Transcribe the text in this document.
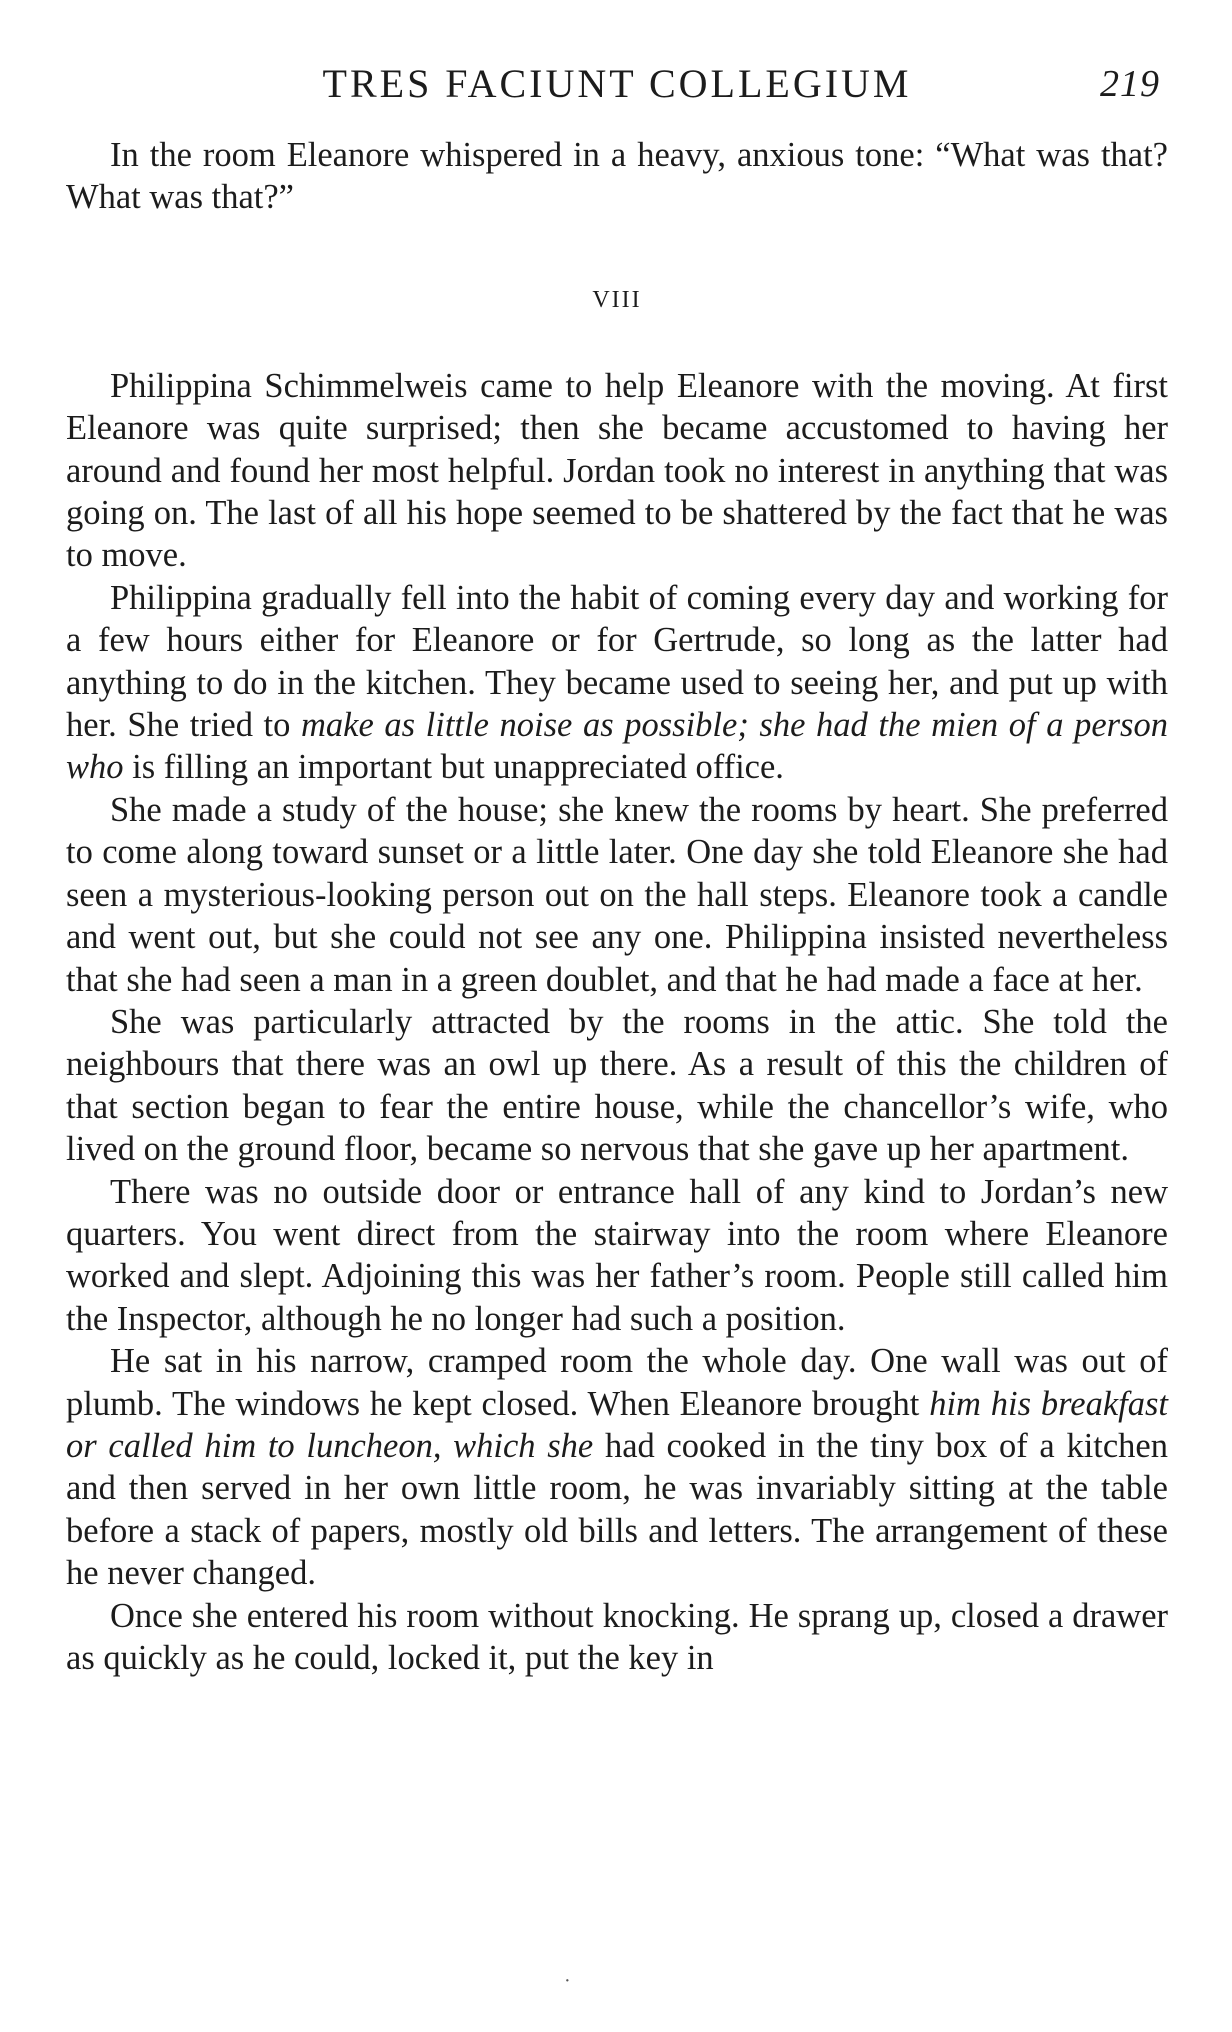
TRES FACIUNT COLLEGIUM	219

In the room Eleanore whispered in a heavy, anxious tone: “What was that? What was that?”

VIII

Philippina Schimmelweis came to help Eleanore with the moving. At first Eleanore was quite surprised; then she became accustomed to having her around and found her most helpful. Jordan took no interest in anything that was going on. The last of all his hope seemed to be shattered by the fact that he was to move.

Philippina gradually fell into the habit of coming every day and working for a few hours either for Eleanore or for Gertrude, so long as the latter had anything to do in the kitchen. They became used to seeing her, and put up with her. She tried to make as little noise as possible; she had the mien of a person who is filling an important but unappreciated office.

She made a study of the house; she knew the rooms by heart. She preferred to come along toward sunset or a little later. One day she told Eleanore she had seen a mysterious-looking person out on the hall steps. Eleanore took a candle and went out, but she could not see any one. Philippina insisted nevertheless that she had seen a man in a green doublet, and that he had made a face at her.

She was particularly attracted by the rooms in the attic. She told the neighbours that there was an owl up there. As a result of this the children of that section began to fear the entire house, while the chancellor’s wife, who lived on the ground floor, became so nervous that she gave up her apartment.

There was no outside door or entrance hall of any kind to Jordan’s new quarters. You went direct from the stairway into the room where Eleanore worked and slept. Adjoining this was her father’s room. People still called him the Inspector, although he no longer had such a position.

He sat in his narrow, cramped room the whole day. One wall was out of plumb. The windows he kept closed. When Eleanore brought him his breakfast or called him to luncheon, which she had cooked in the tiny box of a kitchen and then served in her own little room, he was invariably sitting at the table before a stack of papers, mostly old bills and letters. The arrangement of these he never changed.

Once she entered his room without knocking. He sprang up, closed a drawer as quickly as he could, locked it, put the key in

·
